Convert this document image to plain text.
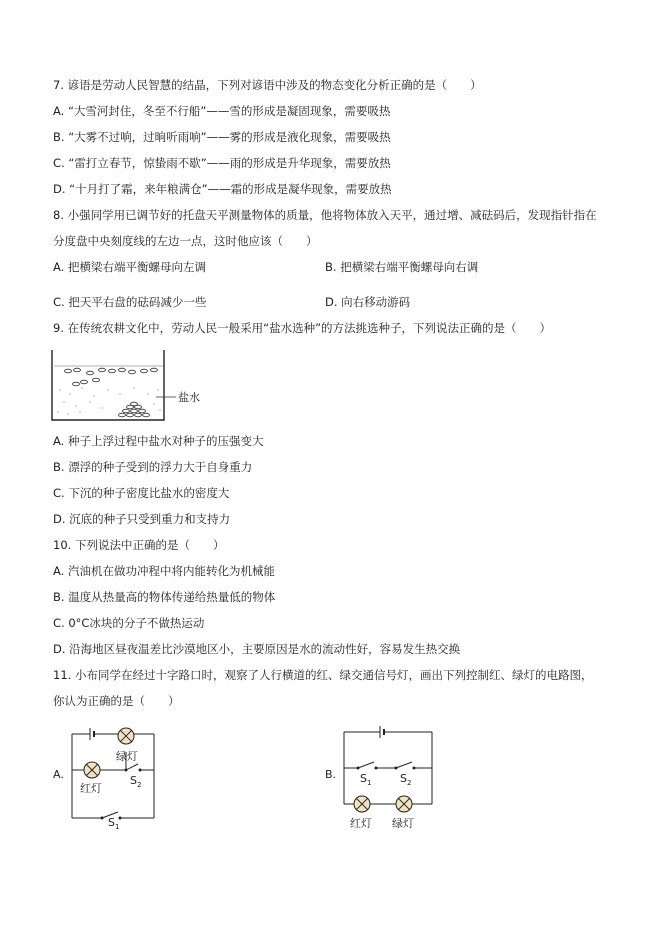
7. 谚语是劳动人民智慧的结晶，下列对谚语中涉及的物态变化分析正确的是（　　）
A. “大雪河封住，冬至不行船”——雪的形成是凝固现象，需要吸热
B. “大雾不过响，过晌听雨响”——雾的形成是液化现象，需要吸热
C. “雷打立春节，惊蛰雨不歇”——雨的形成是升华现象，需要放热
D. “十月打了霜，来年粮满仓”——霜的形成是凝华现象，需要放热
8. 小强同学用已调节好的托盘天平测量物体的质量，他将物体放入天平，通过增、减砝码后，发现指针指在
分度盘中央刻度线的左边一点，这时他应该（　　）
A. 把横梁右端平衡螺母向左调	B. 把横梁右端平衡螺母向右调
C. 把天平右盘的砝码减少一些	D. 向右移动游码
9. 在传统农耕文化中，劳动人民一般采用“盐水选种”的方法挑选种子，下列说法正确的是（　　）
盐水
A. 种子上浮过程中盐水对种子的压强变大
B. 漂浮的种子受到的浮力大于自身重力
C. 下沉的种子密度比盐水的密度大
D. 沉底的种子只受到重力和支持力
10. 下列说法中正确的是（　　）
A. 汽油机在做功冲程中将内能转化为机械能
B. 温度从热量高的物体传递给热量低的物体
C. 0°C冰块的分子不做热运动
D. 沿海地区昼夜温差比沙漠地区小，主要原因是水的流动性好，容易发生热交换
11. 小布同学在经过十字路口时，观察了人行横道的红、绿交通信号灯，画出下列控制红、绿灯的电路图，
你认为正确的是（　　）
A.
绿灯
红灯
$S_2$
$S_1$
B. $S_1$	$S_2$
红灯 绿灯
